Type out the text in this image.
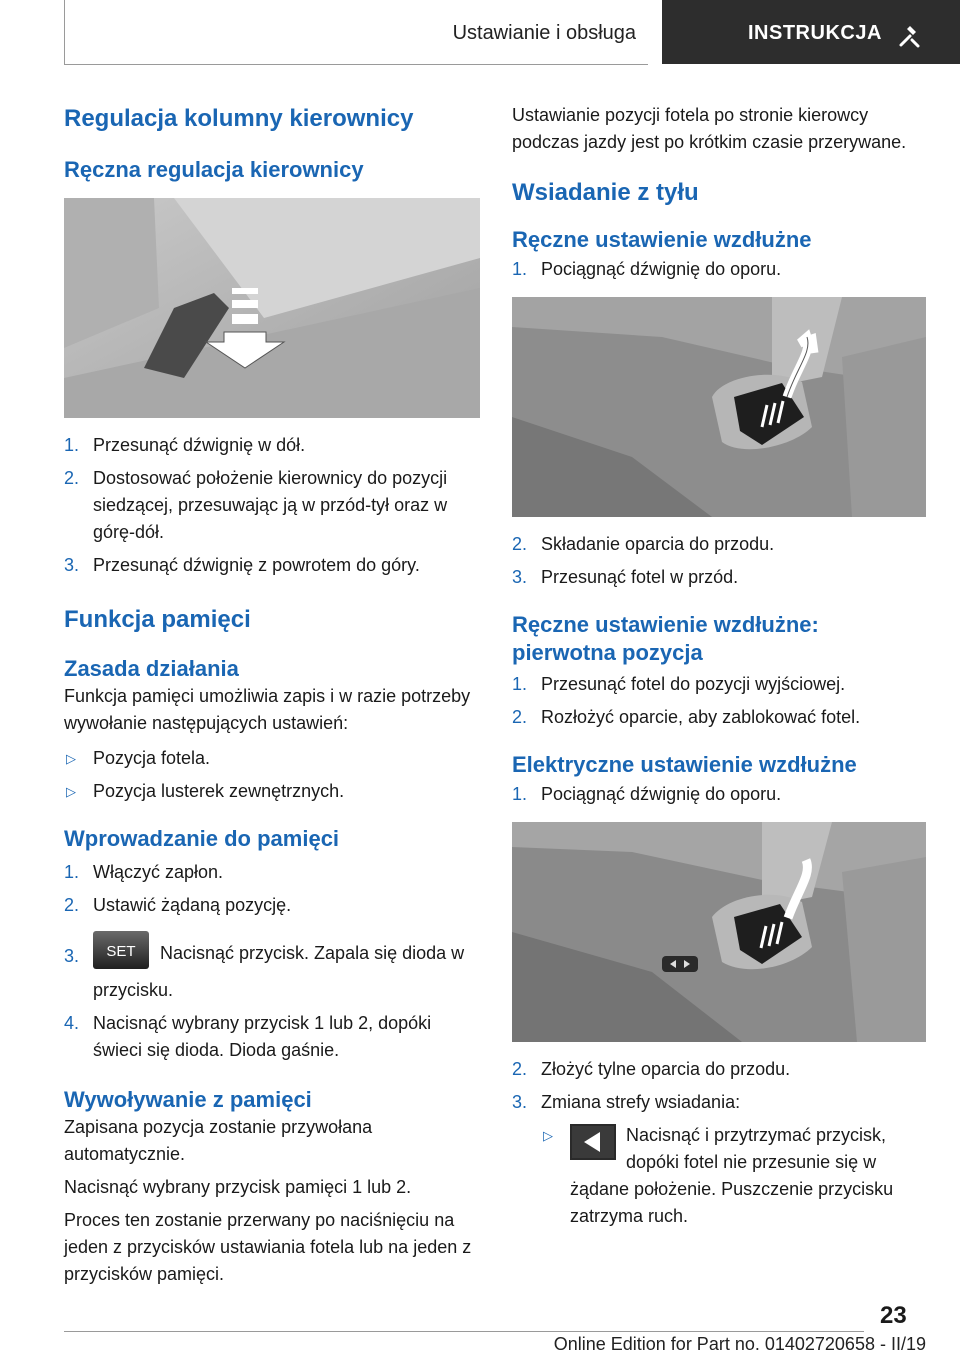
Ustawianie i obsługa	INSTRUKCJA
Regulacja kolumny kierownicy
Ręczna regulacja kierownicy
1. Przesunąć dźwignię w dół.
2. Dostosować położenie kierownicy do pozycji siedzącej, przesuwając ją w przód-tył oraz w górę-dół.
3. Przesunąć dźwignię z powrotem do góry.
Funkcja pamięci
Zasada działania

Funkcja pamięci umożliwia zapis i w razie potrzeby wywołanie następujących ustawień:

▷ Pozycja fotela.
▷ Pozycja lusterek zewnętrznych.
Wprowadzanie do pamięci
1. Włączyć zapłon.
2. Ustawić żądaną pozycję.
3. SET Nacisnąć przycisk. Zapala się dioda w przycisku.
4. Nacisnąć wybrany przycisk 1 lub 2, dopóki świeci się dioda. Dioda gaśnie.
Wywoływanie z pamięci

Zapisana pozycja zostanie przywołana automatycznie.

Nacisnąć wybrany przycisk pamięci 1 lub 2.

Proces ten zostanie przerwany po naciśnięciu na jeden z przycisków ustawiania fotela lub na jeden z przycisków pamięci.

Ustawianie pozycji fotela po stronie kierowcy podczas jazdy jest po krótkim czasie przerywane.

Wsiadanie z tyłu
Ręczne ustawienie wzdłużne
1. Pociągnąć dźwignię do oporu.
2. Składanie oparcia do przodu.
3. Przesunąć fotel w przód.
Ręczne ustawienie wzdłużne: pierwotna pozycja
1. Przesunąć fotel do pozycji wyjściowej.
2. Rozłożyć oparcie, aby zablokować fotel.
Elektryczne ustawienie wzdłużne
1. Pociągnąć dźwignię do oporu.
2. Złożyć tylne oparcia do przodu.
3. Zmiana strefy wsiadania:
▷	Nacisnąć i przytrzymać przycisk, dopóki fotel nie przesunie się w żądane położenie. Puszczenie przycisku zatrzyma ruch.
23
Online Edition for Part no. 01402720658 - II/19
